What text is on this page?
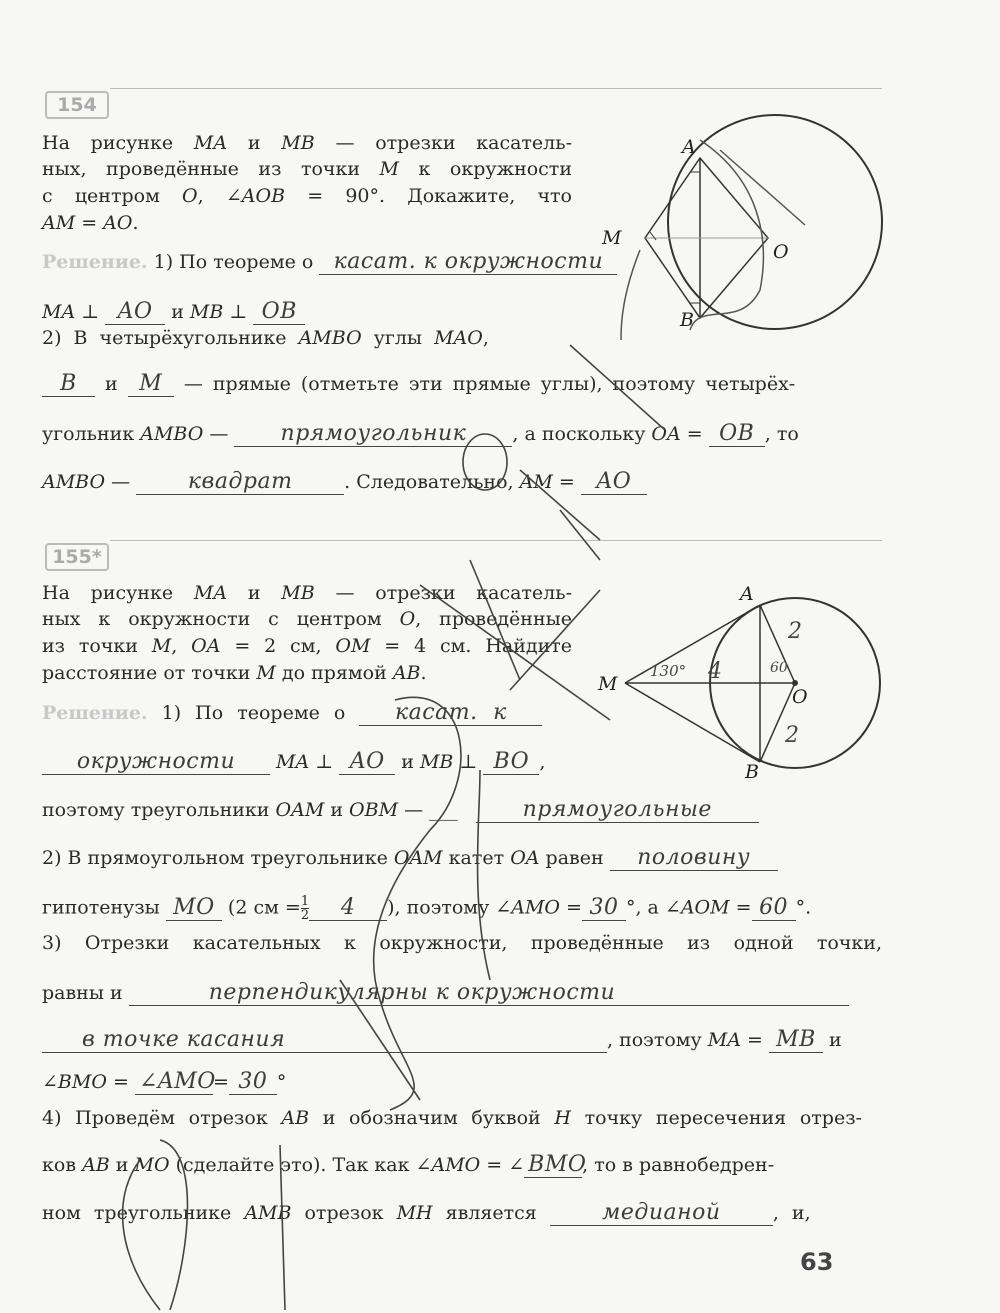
154
На рисунке MA и MB — отрезки касатель-
ных, проведённые из точки M к окружности
с центром O, ∠AOB = 90°. Докажите, что
AM = AO.
Решение. 1) По теореме о касат. к окружности
MA ⊥ AO и MB ⊥ OB
2) В четырёхугольнике AMBO углы MAO,
B и M — прямые (отметьте эти прямые углы), поэтому четырёх-
угольник AMBO — прямоугольник , а поскольку OA = OB , то
AMBO —	квадрат	. Следовательно, AM = AO
A
M
O
B
155*
На рисунке MA и MB — отрезки касатель-
ных к окружности с центром O, проведённые
из точки M, OA = 2 см, OM = 4 см. Найдите
расстояние от точки M до прямой AB.
Решение. 1) По теореме о касат. к
окружности MA ⊥ AO и MB ⊥ BO ,
поэтому треугольники OAM и OBM — ___   прямоугольные
2) В прямоугольном треугольнике OAM катет OA равен половину
гипотенузы MO (2 см = $\frac{1}{2} 4$ ), поэтому ∠AMO = 30 °, а ∠AOM = 60 °.
3) Отрезки касательных к окружности, проведённые из одной точки,
равны и	перпендикулярны к окружности
в точке касания	, поэтому MA = MB и
∠BMO = ∠AMO= 30 °
4) Проведём отрезок AB и обозначим буквой H точку пересечения отрез-
ков AB и MO (сделайте это). Так как ∠AMO = ∠ BMO, то в равнобедрен-
ном треугольнике AMB отрезок MH является	медианой	, и,
A
M
O
B
2
2
130° 4	60
63
